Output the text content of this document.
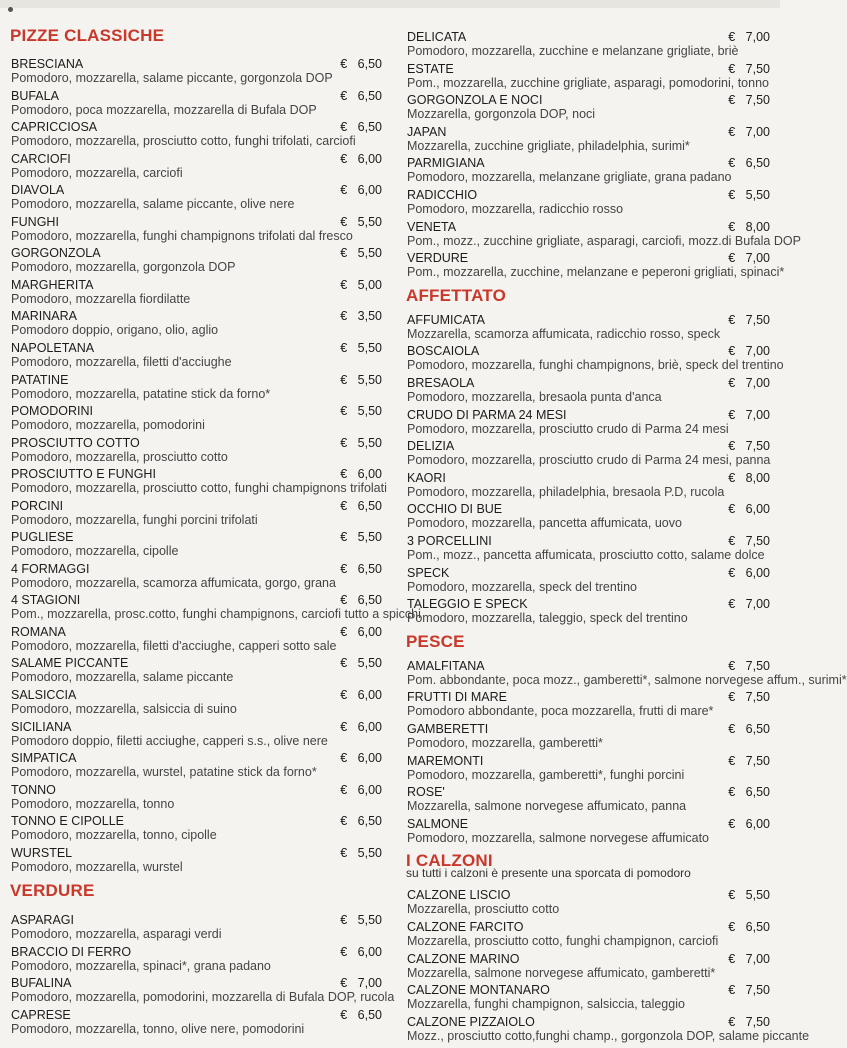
PIZZE CLASSICHE
BRESCIANA	€   6,50
Pomodoro, mozzarella, salame piccante, gorgonzola DOP
BUFALA	€   6,50
Pomodoro, poca mozzarella, mozzarella di Bufala DOP
CAPRICCIOSA	€   6,50
Pomodoro, mozzarella, prosciutto cotto, funghi trifolati, carciofi
CARCIOFI	€   6,00
Pomodoro, mozzarella, carciofi
DIAVOLA	€   6,00
Pomodoro, mozzarella, salame piccante, olive nere
FUNGHI	€   5,50
Pomodoro, mozzarella, funghi champignons trifolati dal fresco
GORGONZOLA	€   5,50
Pomodoro, mozzarella, gorgonzola DOP
MARGHERITA	€   5,00
Pomodoro, mozzarella fiordilatte
MARINARA	€   3,50
Pomodoro doppio, origano, olio, aglio
NAPOLETANA	€   5,50
Pomodoro, mozzarella, filetti d'acciughe
PATATINE	€   5,50
Pomodoro, mozzarella, patatine stick da forno*
POMODORINI	€   5,50
Pomodoro, mozzarella, pomodorini
PROSCIUTTO COTTO	€   5,50
Pomodoro, mozzarella, prosciutto cotto
PROSCIUTTO E FUNGHI	€   6,00
Pomodoro, mozzarella, prosciutto cotto, funghi champignons trifolati
PORCINI	€   6,50
Pomodoro, mozzarella, funghi porcini trifolati
PUGLIESE	€   5,50
Pomodoro, mozzarella, cipolle
4 FORMAGGI	€   6,50
Pomodoro, mozzarella, scamorza affumicata, gorgo, grana
4 STAGIONI	€   6,50
Pom., mozzarella, prosc.cotto, funghi champignons, carciofi tutto a spicchi
ROMANA	€   6,00
Pomodoro, mozzarella, filetti d'acciughe, capperi sotto sale
SALAME PICCANTE	€   5,50
Pomodoro, mozzarella, salame piccante
SALSICCIA	€   6,00
Pomodoro, mozzarella, salsiccia di suino
SICILIANA	€   6,00
Pomodoro doppio, filetti acciughe, capperi s.s., olive nere
SIMPATICA	€   6,00
Pomodoro, mozzarella, wurstel, patatine stick da forno*
TONNO	€   6,00
Pomodoro, mozzarella, tonno
TONNO E CIPOLLE	€   6,50
Pomodoro, mozzarella, tonno, cipolle
WURSTEL	€   5,50
Pomodoro, mozzarella, wurstel
VERDURE
ASPARAGI	€   5,50
Pomodoro, mozzarella, asparagi verdi
BRACCIO DI FERRO	€   6,00
Pomodoro, mozzarella, spinaci*, grana padano
BUFALINA	€   7,00
Pomodoro, mozzarella, pomodorini, mozzarella di Bufala DOP, rucola
CAPRESE	€   6,50
Pomodoro, mozzarella, tonno, olive nere, pomodorini
DELICATA	€   7,00
Pomodoro, mozzarella, zucchine e melanzane grigliate, briè
ESTATE	€   7,50
Pom., mozzarella, zucchine grigliate, asparagi, pomodorini, tonno
GORGONZOLA E NOCI	€   7,50
Mozzarella, gorgonzola DOP, noci
JAPAN	€   7,00
Mozzarella, zucchine grigliate, philadelphia, surimi*
PARMIGIANA	€   6,50
Pomodoro, mozzarella, melanzane grigliate, grana padano
RADICCHIO	€   5,50
Pomodoro, mozzarella, radicchio rosso
VENETA	€   8,00
Pom., mozz., zucchine grigliate, asparagi, carciofi, mozz.di Bufala DOP
VERDURE	€   7,00
Pom., mozzarella, zucchine, melanzane e peperoni grigliati, spinaci*
AFFETTATO
AFFUMICATA	€   7,50
Mozzarella, scamorza affumicata, radicchio rosso, speck
BOSCAIOLA	€   7,00
Pomodoro, mozzarella, funghi champignons, briè, speck del trentino
BRESAOLA	€   7,00
Pomodoro, mozzarella, bresaola punta d'anca
CRUDO DI PARMA 24 MESI	€   7,00
Pomodoro, mozzarella, prosciutto crudo di Parma 24 mesi
DELIZIA	€   7,50
Pomodoro, mozzarella, prosciutto crudo di Parma 24 mesi, panna
KAORI	€   8,00
Pomodoro, mozzarella, philadelphia, bresaola P.D, rucola
OCCHIO DI BUE	€   6,00
Pomodoro, mozzarella, pancetta affumicata, uovo
3 PORCELLINI	€   7,50
Pom., mozz., pancetta affumicata, prosciutto cotto, salame dolce
SPECK	€   6,00
Pomodoro, mozzarella, speck del trentino
TALEGGIO E SPECK	€   7,00
Pomodoro, mozzarella, taleggio, speck del trentino
PESCE
AMALFITANA	€   7,50
Pom. abbondante, poca mozz., gamberetti*, salmone norvegese affum., surimi*
FRUTTI DI MARE	€   7,50
Pomodoro abbondante, poca mozzarella, frutti di mare*
GAMBERETTI	€   6,50
Pomodoro, mozzarella, gamberetti*
MAREMONTI	€   7,50
Pomodoro, mozzarella, gamberetti*, funghi porcini
ROSE'	€   6,50
Mozzarella, salmone norvegese affumicato, panna
SALMONE	€   6,00
Pomodoro, mozzarella, salmone norvegese affumicato
I CALZONI
su tutti i calzoni è presente una sporcata di pomodoro
CALZONE LISCIO	€   5,50
Mozzarella, prosciutto cotto
CALZONE FARCITO	€   6,50
Mozzarella, prosciutto cotto, funghi champignon, carciofi
CALZONE MARINO	€   7,00
Mozzarella, salmone norvegese affumicato, gamberetti*
CALZONE MONTANARO	€   7,50
Mozzarella, funghi champignon, salsiccia, taleggio
CALZONE PIZZAIOLO	€   7,50
Mozz., prosciutto cotto,funghi champ., gorgonzola DOP, salame piccante
